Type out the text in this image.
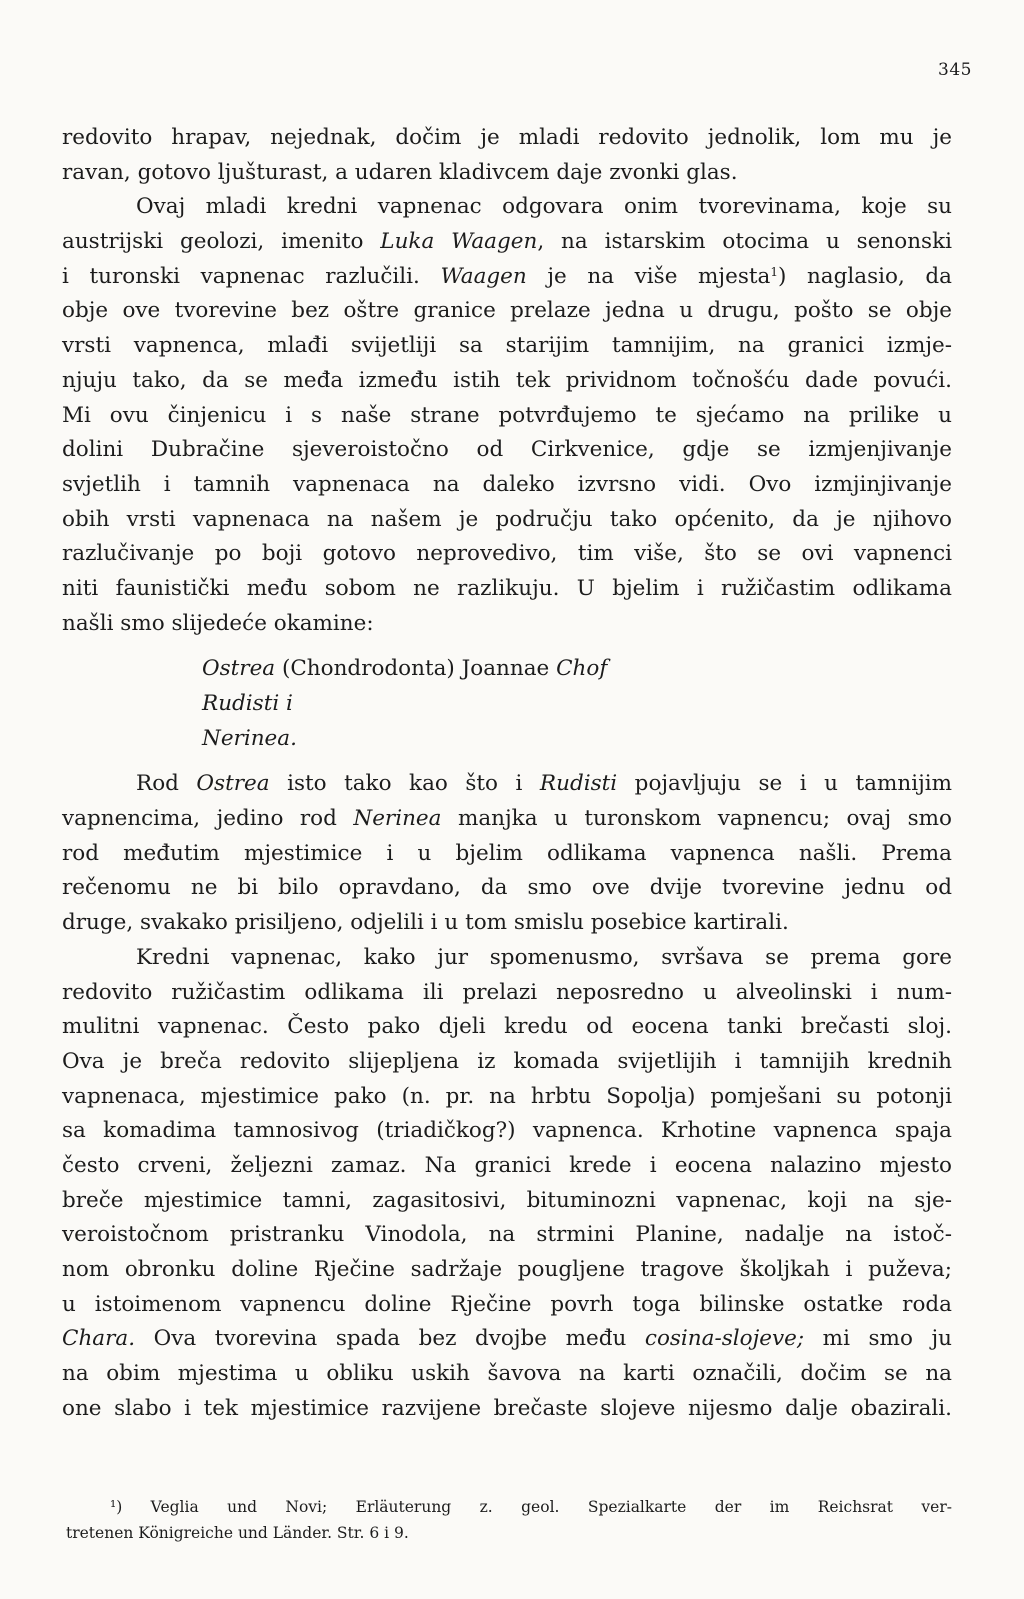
345
redovito hrapav, nejednak, dočim je mladi redovito jednolik, lom mu je
ravan, gotovo ljušturast, a udaren kladivcem daje zvonki glas.
Ovaj mladi kredni vapnenac odgovara onim tvorevinama, koje su
austrijski geolozi, imenito Luka Waagen, na istarskim otocima u senonski
i turonski vapnenac razlučili. Waagen je na više mjesta$^1$) naglasio, da
obje ove tvorevine bez oštre granice prelaze jedna u drugu, pošto se obje
vrsti vapnenca, mlađi svijetliji sa starijim tamnijim, na granici izmje-
njuju tako, da se međa između istih tek prividnom točnošću dade povući.
Mi ovu činjenicu i s naše strane potvrđujemo te sjećamo na prilike u
dolini Dubračine sjeveroistočno od Cirkvenice, gdje se izmjenjivanje
svjetlih i tamnih vapnenaca na daleko izvrsno vidi. Ovo izmjinjivanje
obih vrsti vapnenaca na našem je području tako općenito, da je njihovo
razlučivanje po boji gotovo neprovedivo, tim više, što se ovi vapnenci
niti faunistički među sobom ne razlikuju. U bjelim i ružičastim odlikama
našli smo slijedeće okamine:
Ostrea (Chondrodonta) Joannae Chof
Rudisti i
Nerinea.
Rod Ostrea isto tako kao što i Rudisti pojavljuju se i u tamnijim
vapnencima, jedino rod Nerinea manjka u turonskom vapnencu; ovaj smo
rod međutim mjestimice i u bjelim odlikama vapnenca našli. Prema
rečenomu ne bi bilo opravdano, da smo ove dvije tvorevine jednu od
druge, svakako prisiljeno, odjelili i u tom smislu posebice kartirali.
Kredni vapnenac, kako jur spomenusmo, svršava se prema gore
redovito ružičastim odlikama ili prelazi neposredno u alveolinski i num-
mulitni vapnenac. Često pako djeli kredu od eocena tanki brečasti sloj.
Ova je breča redovito slijepljena iz komada svijetlijih i tamnijih krednih
vapnenaca, mjestimice pako (n. pr. na hrbtu Sopolja) pomješani su potonji
sa komadima tamnosivog (triadičkog?) vapnenca. Krhotine vapnenca spaja
često crveni, željezni zamaz. Na granici krede i eocena nalazino mjesto
breče mjestimice tamni, zagasitosivi, bituminozni vapnenac, koji na sje-
veroistočnom pristranku Vinodola, na strmini Planine, nadalje na istoč-
nom obronku doline Rječine sadržaje pougljene tragove školjkah i puževa;
u istoimenom vapnencu doline Rječine povrh toga bilinske ostatke roda
Chara. Ova tvorevina spada bez dvojbe među cosina-slojeve; mi smo ju
na obim mjestima u obliku uskih šavova na karti označili, dočim se na
one slabo i tek mjestimice razvijene brečaste slojeve nijesmo dalje obazirali.
¹) Veglia und Novi; Erläuterung z. geol. Spezialkarte der im Reichsrat ver-
tretenen Königreiche und Länder. Str. 6 i 9.
